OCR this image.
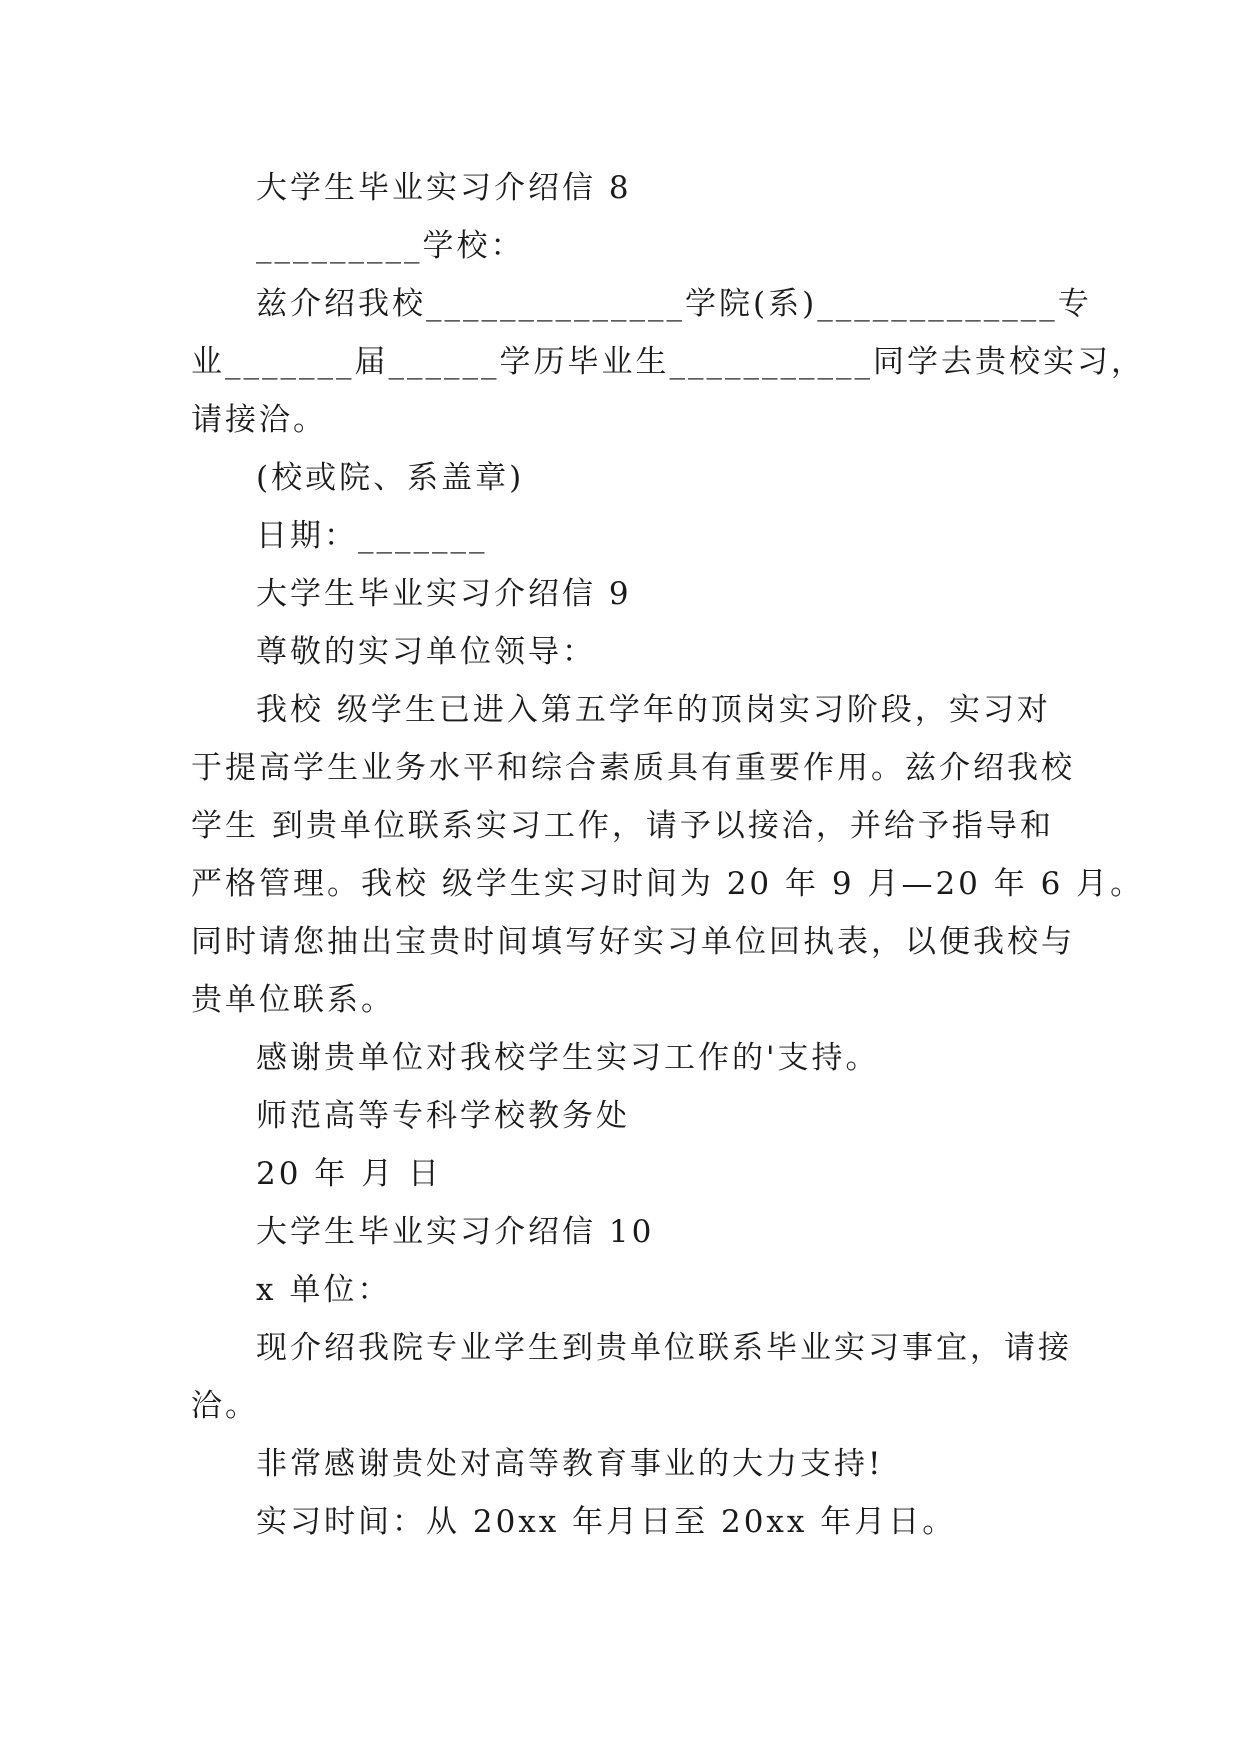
大学生毕业实习介绍信 8
_________学校：
兹介绍我校______________学院(系)_____________专
业_______届______学历毕业生___________同学去贵校实习，
请接洽。
(校或院、系盖章)
日期：_______
大学生毕业实习介绍信 9
尊敬的实习单位领导：
我校 级学生已进入第五学年的顶岗实习阶段，实习对
于提高学生业务水平和综合素质具有重要作用。兹介绍我校
学生 到贵单位联系实习工作，请予以接洽，并给予指导和
严格管理。我校 级学生实习时间为 20 年 9 月—20 年 6 月。
同时请您抽出宝贵时间填写好实习单位回执表，以便我校与
贵单位联系。
感谢贵单位对我校学生实习工作的'支持。
师范高等专科学校教务处
20 年 月 日
大学生毕业实习介绍信 10
x 单位：
现介绍我院专业学生到贵单位联系毕业实习事宜，请接
洽。
非常感谢贵处对高等教育事业的大力支持!
实习时间：从 20xx 年月日至 20xx 年月日。
